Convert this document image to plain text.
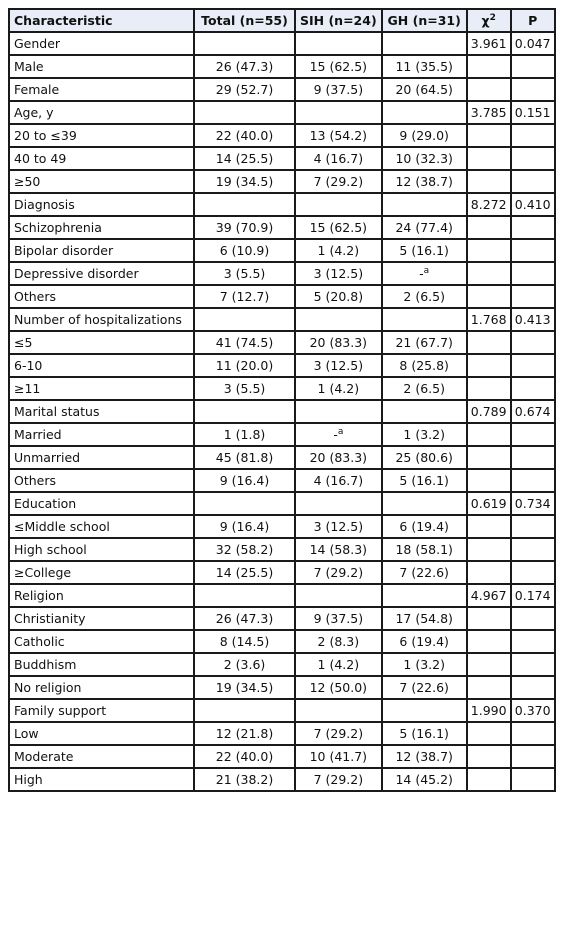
Characteristic	Total (n=55)	SIH (n=24)	GH (n=31)	$\chi^2$	P
Gender				3.961	0.047
Male	26 (47.3)	15 (62.5)	11 (35.5)		
Female	29 (52.7)	9 (37.5)	20 (64.5)		
Age, y				3.785	0.151
20 to ≤39	22 (40.0)	13 (54.2)	9 (29.0)		
40 to 49	14 (25.5)	4 (16.7)	10 (32.3)		
≥50	19 (34.5)	7 (29.2)	12 (38.7)		
Diagnosis				8.272	0.410
Schizophrenia	39 (70.9)	15 (62.5)	24 (77.4)		
Bipolar disorder	6 (10.9)	1 (4.2)	5 (16.1)		
Depressive disorder	3 (5.5)	3 (12.5)	-$^a$		
Others	7 (12.7)	5 (20.8)	2 (6.5)		
Number of hospitalizations				1.768	0.413
≤5	41 (74.5)	20 (83.3)	21 (67.7)		
6-10	11 (20.0)	3 (12.5)	8 (25.8)		
≥11	3 (5.5)	1 (4.2)	2 (6.5)		
Marital status				0.789	0.674
Married	1 (1.8)	-$^a$	1 (3.2)		
Unmarried	45 (81.8)	20 (83.3)	25 (80.6)		
Others	9 (16.4)	4 (16.7)	5 (16.1)		
Education				0.619	0.734
≤Middle school	9 (16.4)	3 (12.5)	6 (19.4)		
High school	32 (58.2)	14 (58.3)	18 (58.1)		
≥College	14 (25.5)	7 (29.2)	7 (22.6)		
Religion				4.967	0.174
Christianity	26 (47.3)	9 (37.5)	17 (54.8)		
Catholic	8 (14.5)	2 (8.3)	6 (19.4)		
Buddhism	2 (3.6)	1 (4.2)	1 (3.2)		
No religion	19 (34.5)	12 (50.0)	7 (22.6)		
Family support				1.990	0.370
Low	12 (21.8)	7 (29.2)	5 (16.1)		
Moderate	22 (40.0)	10 (41.7)	12 (38.7)		
High	21 (38.2)	7 (29.2)	14 (45.2)		
